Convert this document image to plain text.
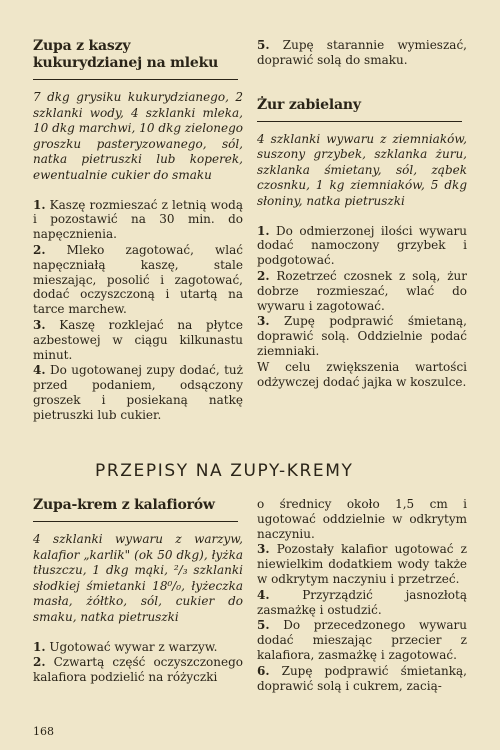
Zupa z kaszy kukurydzianej na mleku

7 dkg grysiku kukurydzianego, 2 szklanki wody, 4 szklanki mleka, 10 dkg marchwi, 10 dkg zielonego groszku pasteryzowanego, sól, natka pietruszki lub koperek, ewentualnie cukier do smaku

1. Kaszę rozmieszać z letnią wodą i pozostawić na 30 min. do napęcznienia.

2. Mleko zagotować, wlać napęczniałą kaszę, stale mieszając, posolić i zagotować, dodać oczyszczoną i utartą na tarce marchew.

3. Kaszę rozklejać na płytce azbestowej w ciągu kilkunastu minut.

4. Do ugotowanej zupy dodać, tuż przed podaniem, odsączony groszek i posiekaną natkę pietruszki lub cukier.

5. Zupę starannie wymieszać, doprawić solą do smaku.

Żur zabielany

4 szklanki wywaru z ziemniaków, suszony grzybek, szklanka żuru, szklanka śmietany, sól, ząbek czosnku, 1 kg ziemniaków, 5 dkg słoniny, natka pietruszki

1. Do odmierzonej ilości wywaru dodać namoczony grzybek i podgotować.

2. Rozetrzeć czosnek z solą, żur dobrze rozmieszać, wlać do wywaru i zagotować.

3. Zupę podprawić śmietaną, doprawić solą. Oddzielnie podać ziemniaki.

W celu zwiększenia wartości odżywczej dodać jajka w koszulce.

PRZEPISY NA ZUPY-KREMY
Zupa-krem z kalafiorów

4 szklanki wywaru z warzyw, kalafior „karlik" (ok 50 dkg), łyżka tłuszczu, 1 dkg mąki, ²/₃ szklanki słodkiej śmietanki 18⁰/₀, łyżeczka masła, żółtko, sól, cukier do smaku, natka pietruszki

1. Ugotować wywar z warzyw.

2. Czwartą część oczyszczonego kalafiora podzielić na różyczki

o średnicy około 1,5 cm i ugotować oddzielnie w odkrytym naczyniu.

3. Pozostały kalafior ugotować z niewielkim dodatkiem wody także w odkrytym naczyniu i przetrzeć.

4.	Przyrządzić jasnozłotą zasmażkę i ostudzić.

5. Do przecedzonego wywaru dodać mieszając przecier z kalafiora, zasmażkę i zagotować.

6. Zupę podprawić śmietanką, doprawić solą i cukrem, zacią-

168
